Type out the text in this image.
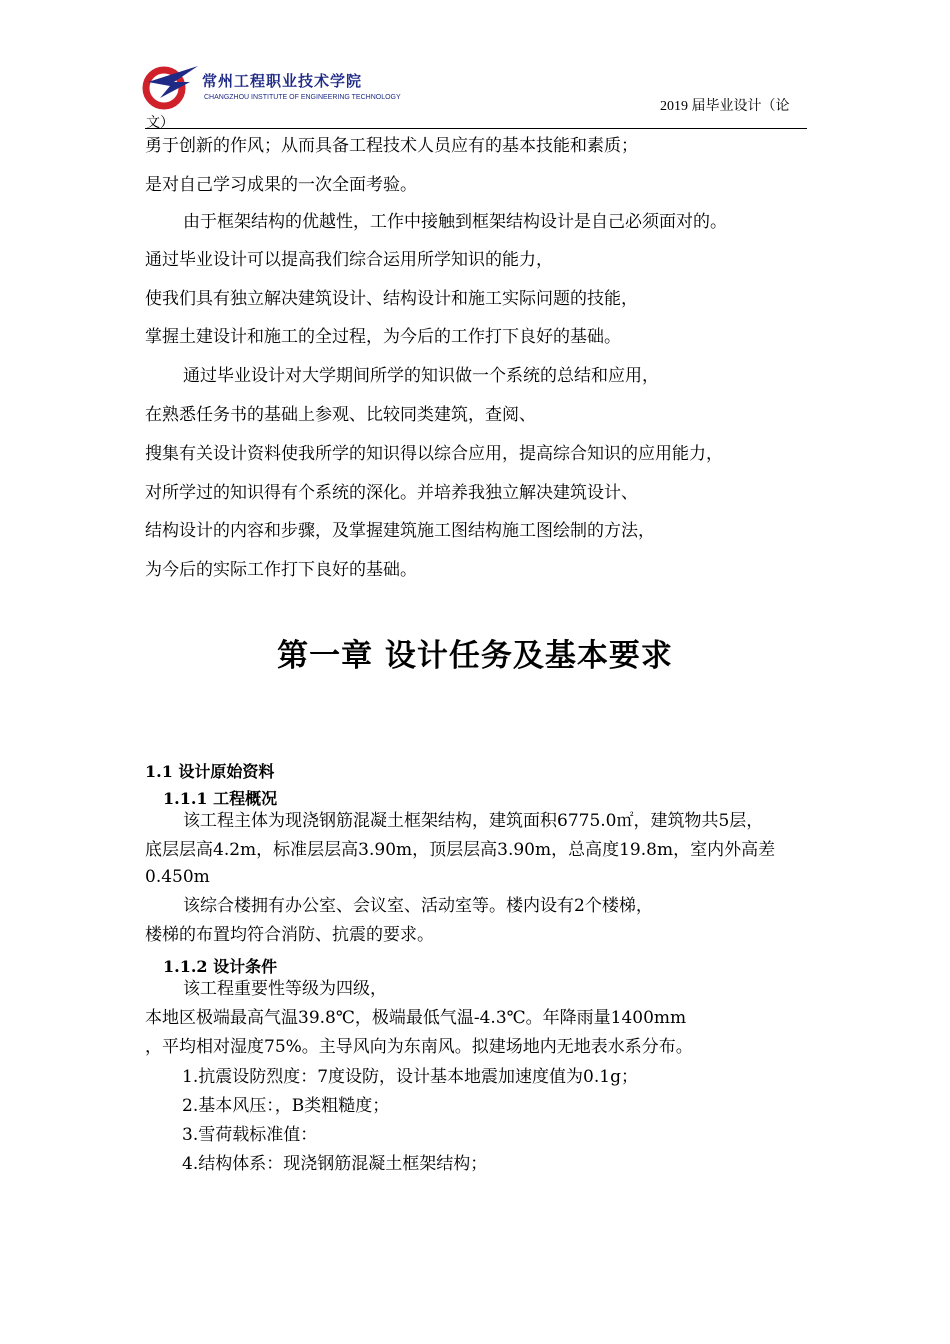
常州工程职业技术学院
CHANGZHOU INSTITUTE OF ENGINEERING TECHNOLOGY
2019 届毕业设计（论
文）
勇于创新的作风；从而具备工程技术人员应有的基本技能和素质；
是对自己学习成果的一次全面考验。
由于框架结构的优越性，工作中接触到框架结构设计是自己必须面对的。
通过毕业设计可以提高我们综合运用所学知识的能力，
使我们具有独立解决建筑设计、结构设计和施工实际问题的技能，
掌握土建设计和施工的全过程，为今后的工作打下良好的基础。
通过毕业设计对大学期间所学的知识做一个系统的总结和应用，
在熟悉任务书的基础上参观、比较同类建筑，查阅、
搜集有关设计资料使我所学的知识得以综合应用，提高综合知识的应用能力，
对所学过的知识得有个系统的深化。并培养我独立解决建筑设计、
结构设计的内容和步骤，及掌握建筑施工图结构施工图绘制的方法，
为今后的实际工作打下良好的基础。
第一章 设计任务及基本要求
1.1 设计原始资料
1.1.1 工程概况
该工程主体为现浇钢筋混凝土框架结构，建筑面积6775.0㎡，建筑物共5层，
底层层高4.2m，标准层层高3.90m，顶层层高3.90m，总高度19.8m，室内外高差
0.450m
该综合楼拥有办公室、会议室、活动室等。楼内设有2个楼梯，
楼梯的布置均符合消防、抗震的要求。
1.1.2 设计条件
该工程重要性等级为四级，
本地区极端最高气温39.8℃，极端最低气温-4.3℃。年降雨量1400mm
，平均相对湿度75%。主导风向为东南风。拟建场地内无地表水系分布。
1.抗震设防烈度：7度设防，设计基本地震加速度值为0.1g；
2.基本风压：，B类粗糙度；
3.雪荷载标准值：
4.结构体系：现浇钢筋混凝土框架结构；
